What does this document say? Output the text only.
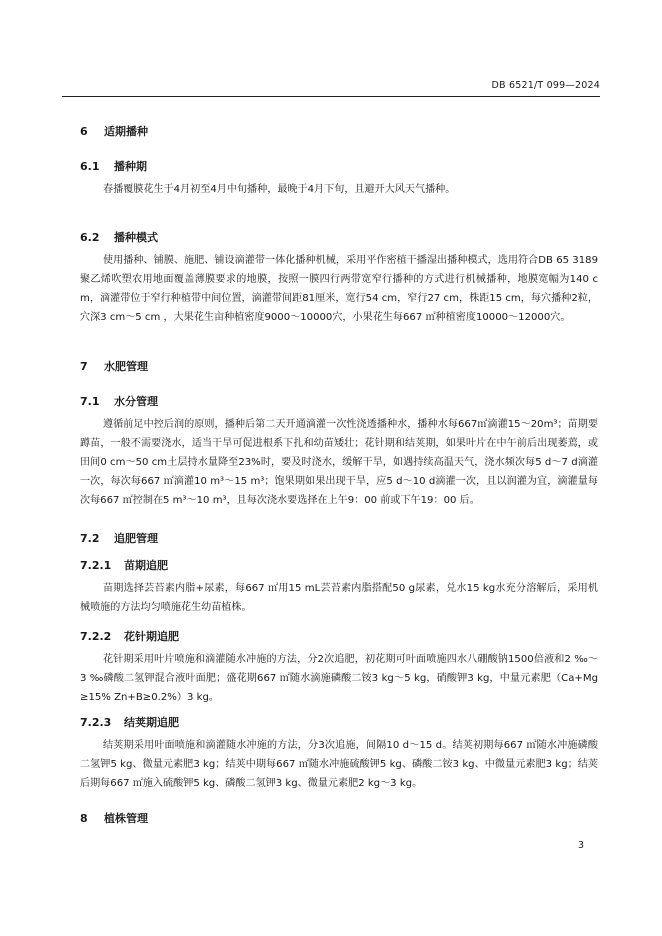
DB 6521/T 099—2024
6 适期播种
6.1 播种期
春播覆膜花生于4月初至4月中旬播种，最晚于4月下旬，且避开大风天气播种。
6.2 播种模式
使用播种、铺膜、施肥、铺设滴灌带一体化播种机械，采用平作密植干播湿出播种模式，选用符合DB 65 3189 聚乙烯吹塑农用地面覆盖薄膜要求的地膜，按照一膜四行两带宽窄行播种的方式进行机械播种，地膜宽幅为140 cm，滴灌带位于窄行种植带中间位置，滴灌带间距81厘米，宽行54 cm，窄行27 cm，株距15 cm，每穴播种2粒，穴深3 cm～5 cm ，大果花生亩种植密度9000～10000穴，小果花生每667 ㎡种植密度10000～12000穴。
7 水肥管理
7.1 水分管理
遵循前足中控后润的原则，播种后第二天开通滴灌一次性浇透播种水，播种水每667㎡滴灌15～20m³；苗期要蹲苗，一般不需要浇水，适当干旱可促进根系下扎和幼苗矮壮；花针期和结荚期，如果叶片在中午前后出现萎蔫，或田间0 cm～50 cm土层持水量降至23%时，要及时浇水，缓解干旱，如遇持续高温天气，浇水频次每5 d～7 d滴灌一次，每次每667 ㎡滴灌10 m³～15 m³；饱果期如果出现干旱，应5 d～10 d滴灌一次，且以润灌为宜，滴灌量每次每667 ㎡控制在5 m³～10 m³，且每次浇水要选择在上午9：00 前或下午19：00 后。
7.2 追肥管理
7.2.1 苗期追肥
苗期选择芸苔素内脂+尿素，每667 ㎡用15 mL芸苔素内脂搭配50 g尿素，兑水15 kg水充分溶解后，采用机械喷施的方法均匀喷施花生幼苗植株。
7.2.2 花针期追肥
花针期采用叶片喷施和滴灌随水冲施的方法，分2次追肥，初花期可叶面喷施四水八硼酸钠1500倍液和2 ‰～3 ‰磷酸二氢钾混合液叶面肥；盛花期667 ㎡随水滴施磷酸二铵3 kg～5 kg，硝酸钾3 kg，中量元素肥（Ca+Mg≥15% Zn+B≥0.2%）3 kg。
7.2.3 结荚期追肥
结荚期采用叶面喷施和滴灌随水冲施的方法，分3次追施，间隔10 d～15 d。结荚初期每667 ㎡随水冲施磷酸二氢钾5 kg、微量元素肥3 kg；结荚中期每667 ㎡随水冲施硫酸钾5 kg、磷酸二铵3 kg、中微量元素肥3 kg；结荚后期每667 ㎡施入硫酸钾5 kg、磷酸二氢钾3 kg、微量元素肥2 kg～3 kg。
8 植株管理
3
